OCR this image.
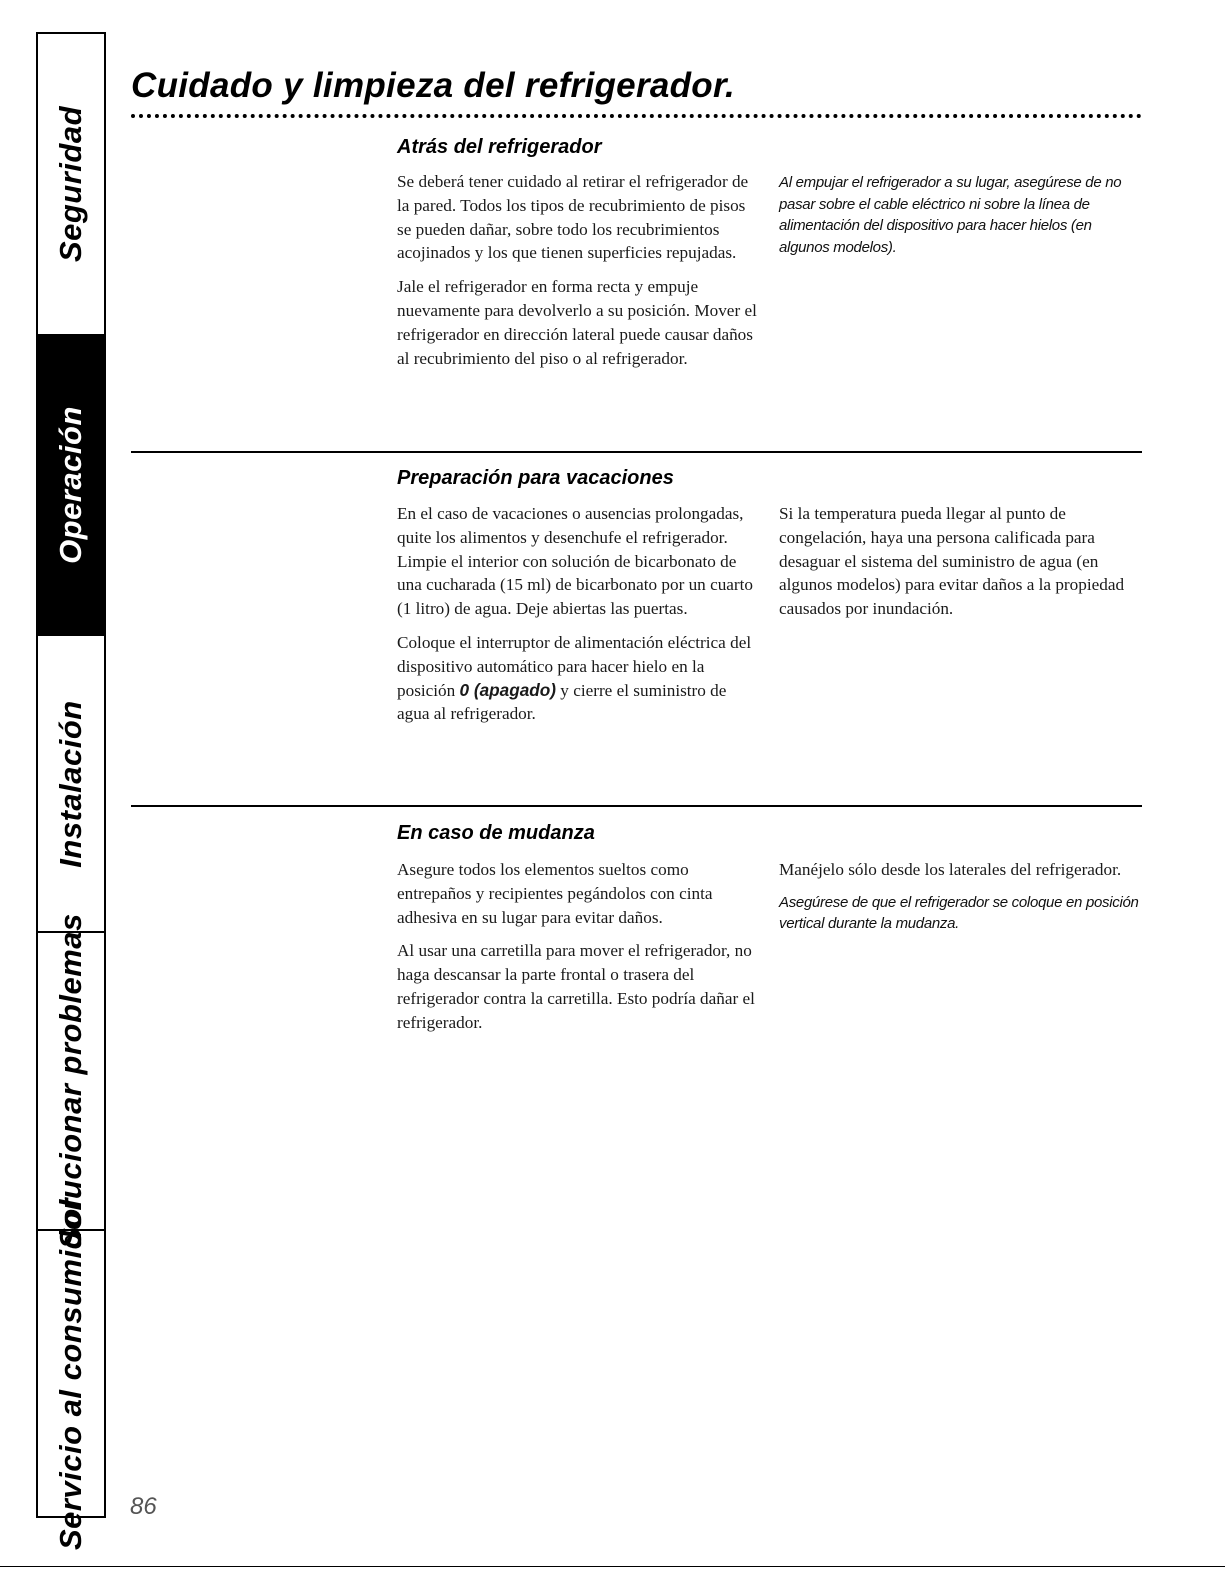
Seguridad
Operación
Instalación
Solucionar problemas
Servicio al consumidor
Cuidado y limpieza del refrigerador.
Atrás del refrigerador

Se deberá tener cuidado al retirar el refrigerador de la pared. Todos los tipos de recubrimiento de pisos se pueden dañar, sobre todo los recubrimientos acojinados y los que tienen superficies repujadas.

Jale el refrigerador en forma recta y empuje nuevamente para devolverlo a su posición. Mover el refrigerador en dirección lateral puede causar daños al recubrimiento del piso o al refrigerador.

Al empujar el refrigerador a su lugar, asegúrese de no pasar sobre el cable eléctrico ni sobre la línea de alimentación del dispositivo para hacer hielos (en algunos modelos).

Preparación para vacaciones

En el caso de vacaciones o ausencias prolongadas, quite los alimentos y desenchufe el refrigerador. Limpie el interior con solución de bicarbonato de una cucharada (15 ml) de bicarbonato por un cuarto (1 litro) de agua. Deje abiertas las puertas.

Coloque el interruptor de alimentación eléctrica del dispositivo automático para hacer hielo en la posición 0 (apagado) y cierre el suministro de agua al refrigerador.

Si la temperatura pueda llegar al punto de congelación, haya una persona calificada para desaguar el sistema del suministro de agua (en algunos modelos) para evitar daños a la propiedad causados por inundación.

En caso de mudanza

Asegure todos los elementos sueltos como entrepaños y recipientes pegándolos con cinta adhesiva en su lugar para evitar daños.

Al usar una carretilla para mover el refrigerador, no haga descansar la parte frontal o trasera del refrigerador contra la carretilla. Esto podría dañar el refrigerador.

Manéjelo sólo desde los laterales del refrigerador.

Asegúrese de que el refrigerador se coloque en posición vertical durante la mudanza.

86
